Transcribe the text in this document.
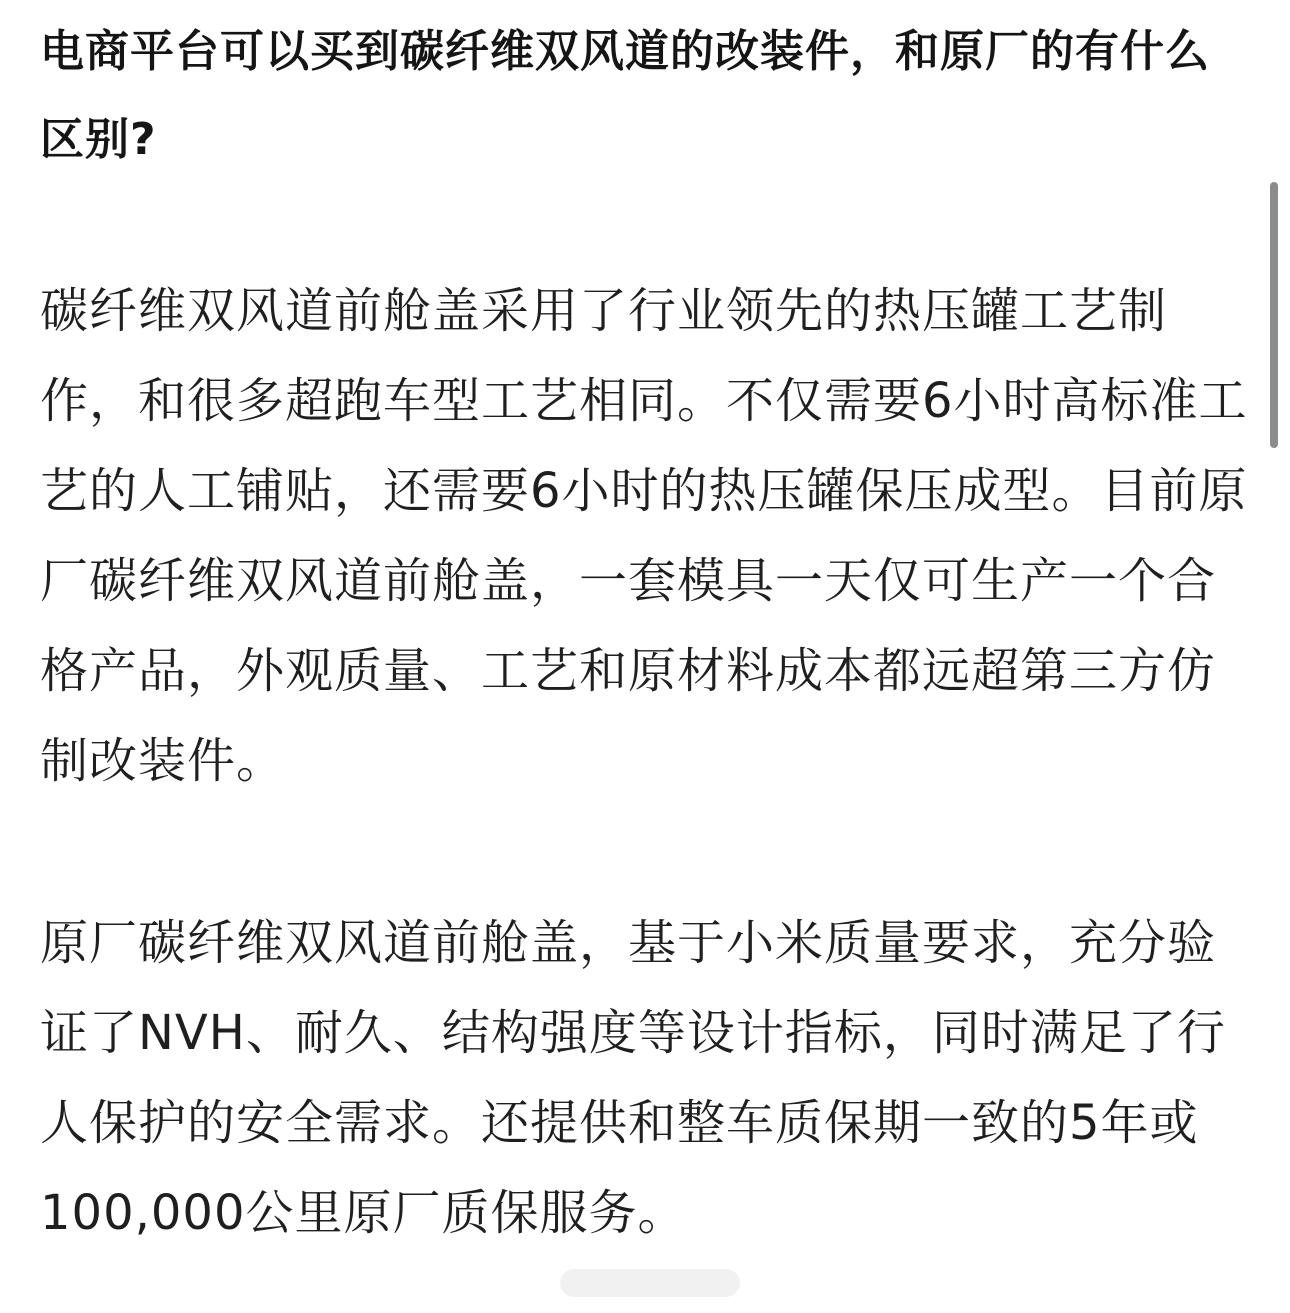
电商平台可以买到碳纤维双风道的改装件，和原厂的有什么区别?

碳纤维双风道前舱盖采用了行业领先的热压罐工艺制作，和很多超跑车型工艺相同。不仅需要6小时高标准工艺的人工铺贴，还需要6小时的热压罐保压成型。目前原厂碳纤维双风道前舱盖，一套模具一天仅可生产一个合格产品，外观质量、工艺和原材料成本都远超第三方仿制改装件。

原厂碳纤维双风道前舱盖，基于小米质量要求，充分验证了NVH、耐久、结构强度等设计指标，同时满足了行人保护的安全需求。还提供和整车质保期一致的5年或100,000公里原厂质保服务。
